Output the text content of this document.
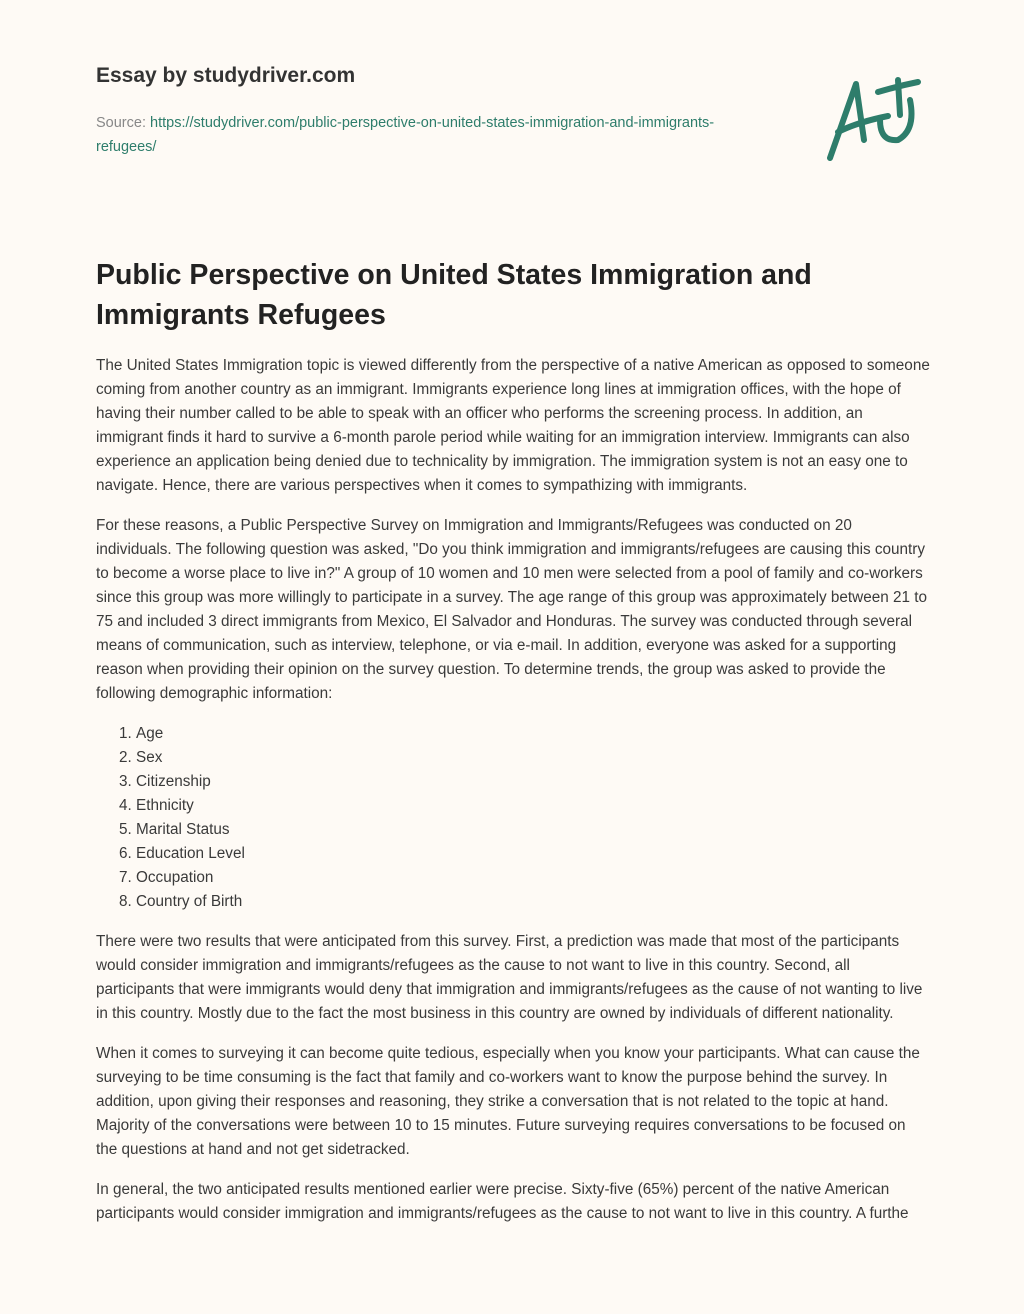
Essay by studydriver.com
Source: https://studydriver.com/public-perspective-on-united-states-immigration-and-immigrants-refugees/
Public Perspective on United States Immigration and Immigrants Refugees

The United States Immigration topic is viewed differently from the perspective of a native American as opposed to someone coming from another country as an immigrant. Immigrants experience long lines at immigration offices, with the hope of having their number called to be able to speak with an officer who performs the screening process. In addition, an immigrant finds it hard to survive a 6-month parole period while waiting for an immigration interview. Immigrants can also experience an application being denied due to technicality by immigration. The immigration system is not an easy one to navigate. Hence, there are various perspectives when it comes to sympathizing with immigrants.

For these reasons, a Public Perspective Survey on Immigration and Immigrants/Refugees was conducted on 20 individuals. The following question was asked, "Do you think immigration and immigrants/refugees are causing this country to become a worse place to live in?" A group of 10 women and 10 men were selected from a pool of family and co-workers since this group was more willingly to participate in a survey. The age range of this group was approximately between 21 to 75 and included 3 direct immigrants from Mexico, El Salvador and Honduras. The survey was conducted through several means of communication, such as interview, telephone, or via e-mail. In addition, everyone was asked for a supporting reason when providing their opinion on the survey question. To determine trends, the group was asked to provide the following demographic information:

1. Age
2. Sex
3. Citizenship
4. Ethnicity
5. Marital Status
6. Education Level
7. Occupation
8. Country of Birth

There were two results that were anticipated from this survey. First, a prediction was made that most of the participants would consider immigration and immigrants/refugees as the cause to not want to live in this country. Second, all participants that were immigrants would deny that immigration and immigrants/refugees as the cause of not wanting to live in this country. Mostly due to the fact the most business in this country are owned by individuals of different nationality.

When it comes to surveying it can become quite tedious, especially when you know your participants. What can cause the surveying to be time consuming is the fact that family and co-workers want to know the purpose behind the survey. In addition, upon giving their responses and reasoning, they strike a conversation that is not related to the topic at hand. Majority of the conversations were between 10 to 15 minutes. Future surveying requires conversations to be focused on the questions at hand and not get sidetracked.

In general, the two anticipated results mentioned earlier were precise. Sixty-five (65%) percent of the native American participants would consider immigration and immigrants/refugees as the cause to not want to live in this country. A furthe
